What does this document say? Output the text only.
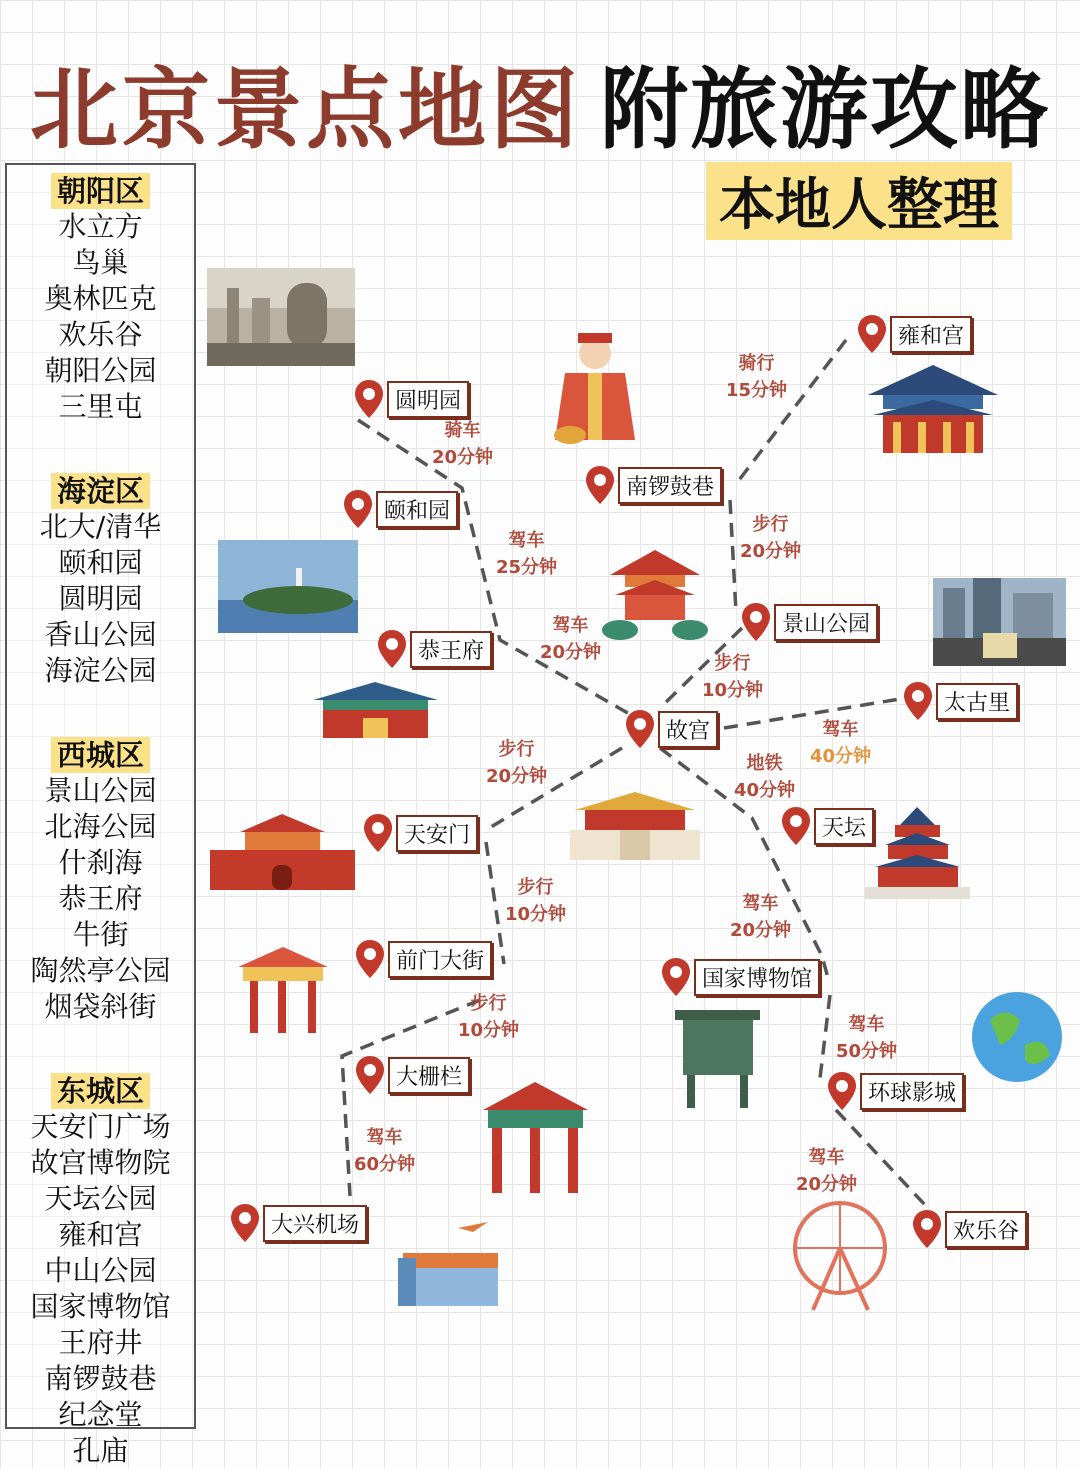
北京景点地图 附旅游攻略
本地人整理
朝阳区
水立方
鸟巢
奥林匹克
欢乐谷
朝阳公园
三里屯
海淀区
北大/清华
颐和园
圆明园
香山公园
海淀公园
西城区
景山公园
北海公园
什刹海
恭王府
牛街
陶然亭公园
烟袋斜街
东城区
天安门广场
故宫博物院
天坛公园
雍和宫
中山公园
国家博物馆
王府井
南锣鼓巷
纪念堂
孔庙
圆明园
雍和宫
南锣鼓巷
颐和园
景山公园
恭王府
太古里
故宫
天安门	天坛
前门大街
国家博物馆
大栅栏
环球影城
大兴机场	欢乐谷
骑车
20分钟
骑行
15分钟
驾车
25分钟
步行
20分钟
驾车
20分钟
步行
10分钟
驾车
40分钟
步行
20分钟
地铁
40分钟
步行
10分钟
驾车
20分钟
步行
10分钟	驾车
50分钟
驾车
60分钟	驾车
20分钟
